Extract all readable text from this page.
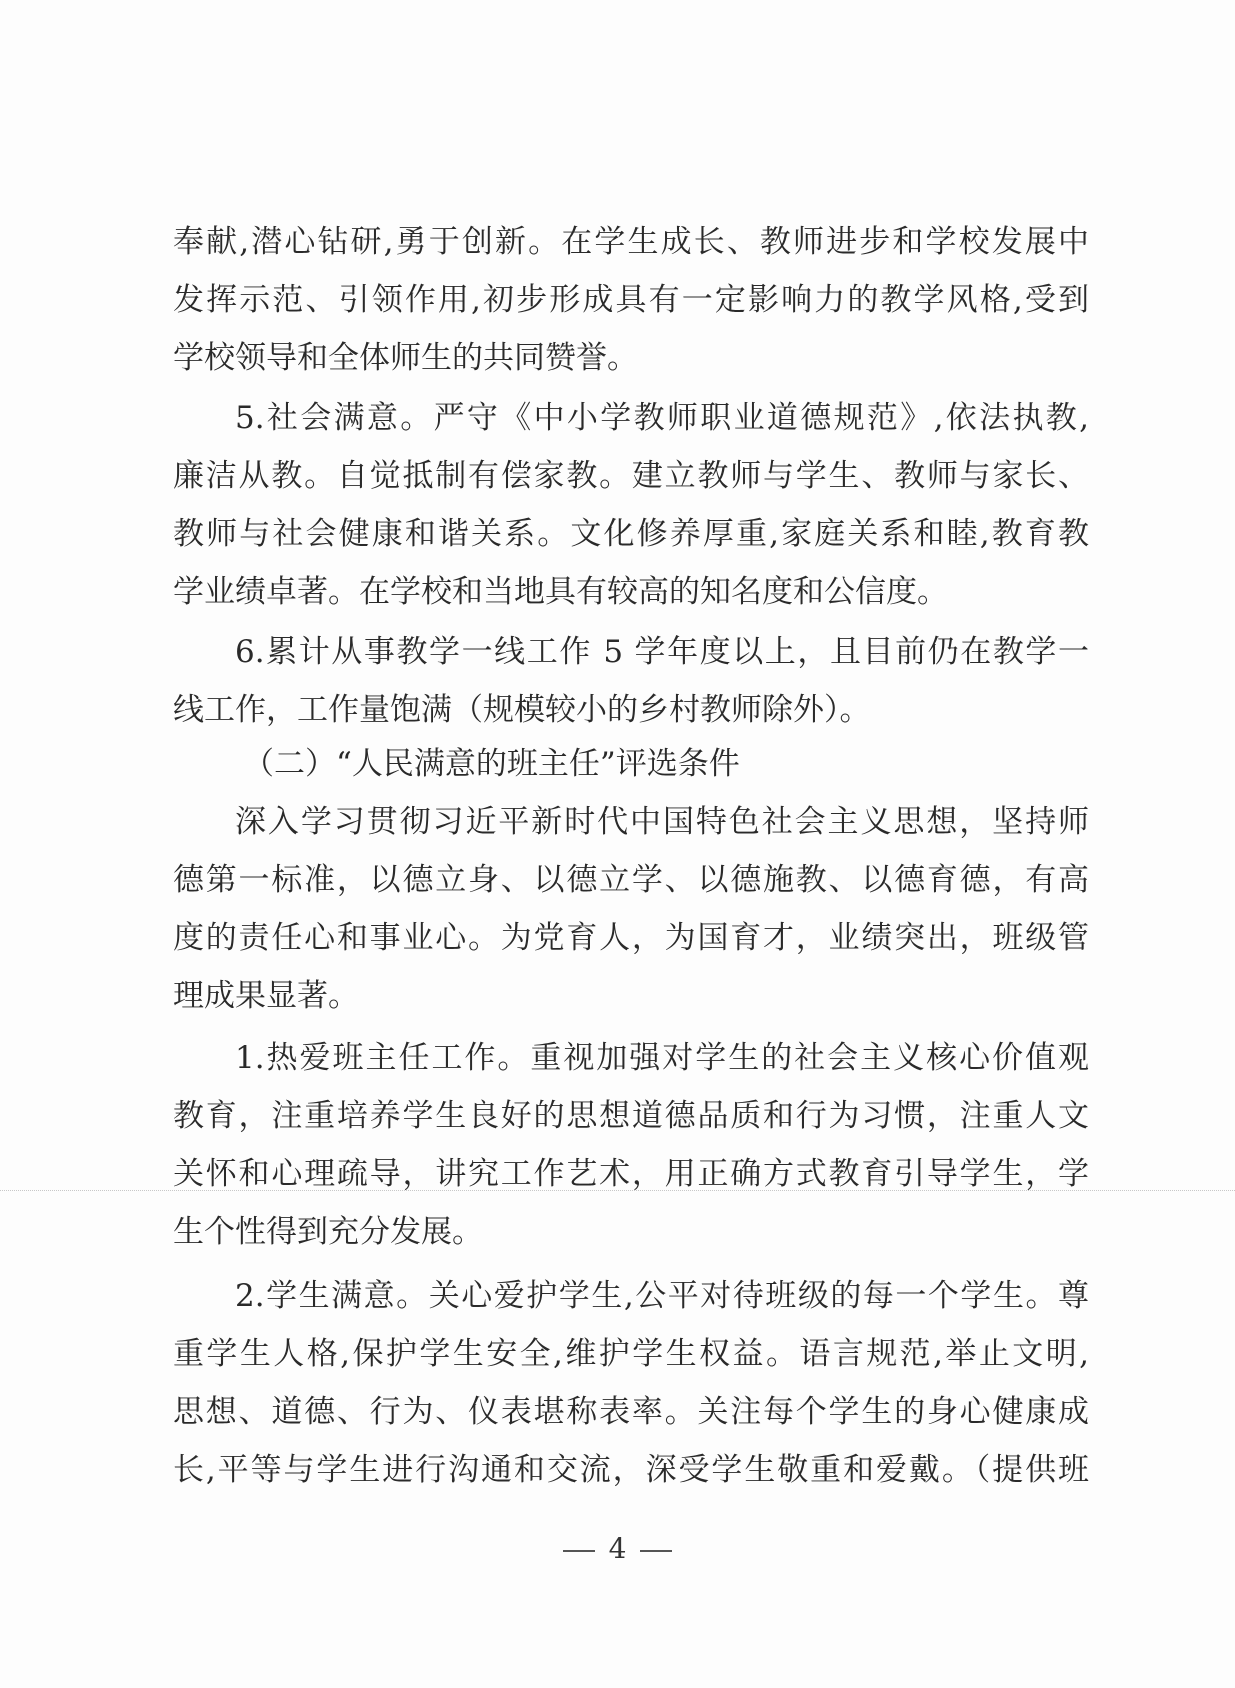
奉献,潜心钻研,勇于创新。在学生成长、教师进步和学校发展中
发挥示范、引领作用,初步形成具有一定影响力的教学风格,受到
学校领导和全体师生的共同赞誉。
5.社会满意。严守《中小学教师职业道德规范》,依法执教,
廉洁从教。自觉抵制有偿家教。建立教师与学生、教师与家长、
教师与社会健康和谐关系。文化修养厚重,家庭关系和睦,教育教
学业绩卓著。在学校和当地具有较高的知名度和公信度。
6.累计从事教学一线工作 5 学年度以上，且目前仍在教学一
线工作，工作量饱满（规模较小的乡村教师除外）。
（二）“人民满意的班主任”评选条件
深入学习贯彻习近平新时代中国特色社会主义思想，坚持师
德第一标准，以德立身、以德立学、以德施教、以德育德，有高
度的责任心和事业心。为党育人，为国育才，业绩突出，班级管
理成果显著。
1.热爱班主任工作。重视加强对学生的社会主义核心价值观
教育，注重培养学生良好的思想道德品质和行为习惯，注重人文
关怀和心理疏导，讲究工作艺术，用正确方式教育引导学生，学
生个性得到充分发展。
2.学生满意。关心爱护学生,公平对待班级的每一个学生。尊
重学生人格,保护学生安全,维护学生权益。语言规范,举止文明,
思想、道德、行为、仪表堪称表率。关注每个学生的身心健康成
长,平等与学生进行沟通和交流，深受学生敬重和爱戴。（提供班
4
